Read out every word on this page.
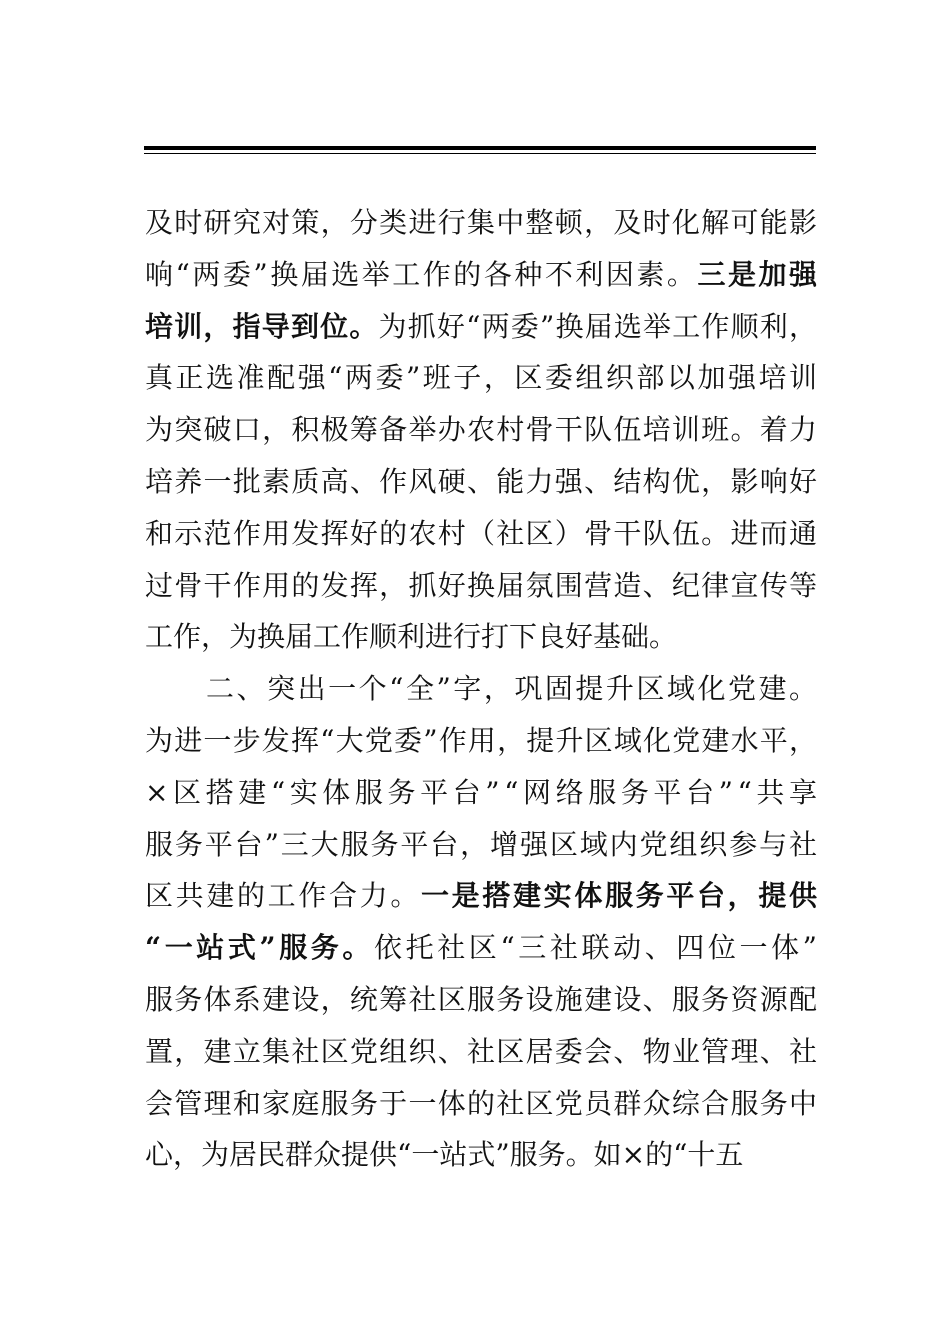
及时研究对策，分类进行集中整顿，及时化解可能影
响“两委”换届选举工作的各种不利因素。三是加强
培训，指导到位。为抓好“两委”换届选举工作顺利，
真正选准配强“两委”班子，区委组织部以加强培训
为突破口，积极筹备举办农村骨干队伍培训班。着力
培养一批素质高、作风硬、能力强、结构优，影响好
和示范作用发挥好的农村（社区）骨干队伍。进而通
过骨干作用的发挥，抓好换届氛围营造、纪律宣传等
工作，为换届工作顺利进行打下良好基础。
　　二、突出一个“全”字，巩固提升区域化党建。
为进一步发挥“大党委”作用，提升区域化党建水平，
×区搭建“实体服务平台”“网络服务平台”“共享
服务平台”三大服务平台，增强区域内党组织参与社
区共建的工作合力。一是搭建实体服务平台，提供
“一站式”服务。依托社区“三社联动、四位一体”
服务体系建设，统筹社区服务设施建设、服务资源配
置，建立集社区党组织、社区居委会、物业管理、社
会管理和家庭服务于一体的社区党员群众综合服务中
心，为居民群众提供“一站式”服务。如×的“十五
